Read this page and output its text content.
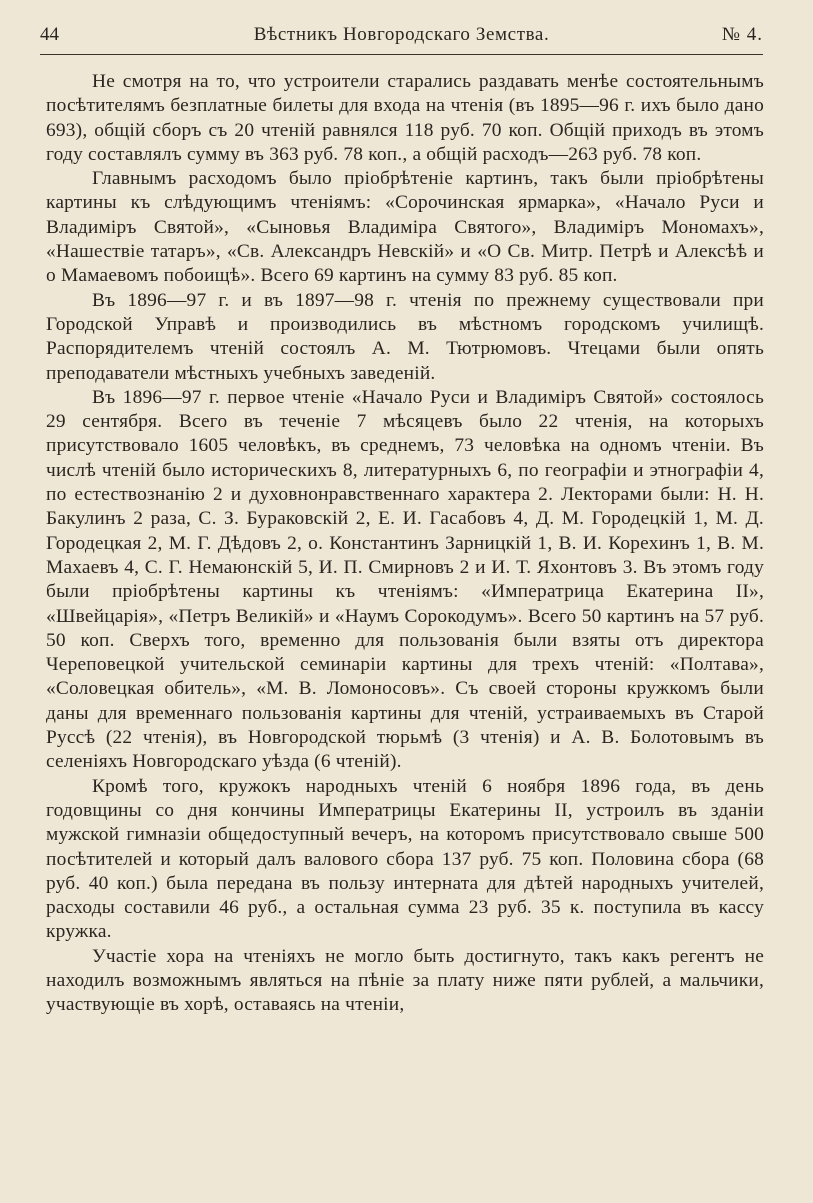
44	Вѣстникъ Новгородскаго Земства.	№ 4.

Не смотря на то, что устроители старались раздавать менѣе состоятельнымъ посѣтителямъ безплатные билеты для входа на чтенія (въ 1895—96 г. ихъ было дано 693), общій сборъ съ 20 чтеній равнялся 118 руб. 70 коп. Общій приходъ въ этомъ году составлялъ сумму въ 363 руб. 78 коп., а общій расходъ—263 руб. 78 коп.

Главнымъ расходомъ было пріобрѣтеніе картинъ, такъ были пріобрѣтены картины къ слѣдующимъ чтеніямъ: «Сорочинская ярмарка», «Начало Руси и Владиміръ Святой», «Сыновья Владиміра Святого», Владиміръ Мономахъ», «Нашествіе татаръ», «Св. Александръ Невскій» и «О Св. Митр. Петрѣ и Алексѣѣ и о Мамаевомъ побоищѣ». Всего 69 картинъ на сумму 83 руб. 85 коп.

Въ 1896—97 г. и въ 1897—98 г. чтенія по прежнему существовали при Городской Управѣ и производились въ мѣстномъ городскомъ училищѣ. Распорядителемъ чтеній состоялъ А. М. Тютрюмовъ. Чтецами были опять преподаватели мѣстныхъ учебныхъ заведеній.

Въ 1896—97 г. первое чтеніе «Начало Руси и Владиміръ Святой» состоялось 29 сентября. Всего въ теченіе 7 мѣсяцевъ было 22 чтенія, на которыхъ присутствовало 1605 человѣкъ, въ среднемъ, 73 человѣка на одномъ чтеніи. Въ числѣ чтеній было историческихъ 8, литературныхъ 6, по географіи и этнографіи 4, по естествознанію 2 и духовнонравственнаго характера 2. Лекторами были: Н. Н. Бакулинъ 2 раза, С. З. Бураковскій 2, Е. И. Гасабовъ 4, Д. М. Городецкій 1, М. Д. Городецкая 2, М. Г. Дѣдовъ 2, о. Константинъ Зарницкій 1, В. И. Корехинъ 1, В. М. Махаевъ 4, С. Г. Немаюнскій 5, И. П. Смирновъ 2 и И. Т. Яхонтовъ 3. Въ этомъ году были пріобрѣтены картины къ чтеніямъ: «Императрица Екатерина II», «Швейцарія», «Петръ Великій» и «Наумъ Сорокодумъ». Всего 50 картинъ на 57 руб. 50 коп. Сверхъ того, временно для пользованія были взяты отъ директора Череповецкой учительской семинаріи картины для трехъ чтеній: «Полтава», «Соловецкая обитель», «М. В. Ломоносовъ». Съ своей стороны кружкомъ были даны для временнаго пользованія картины для чтеній, устраиваемыхъ въ Старой Руссѣ (22 чтенія), въ Новгородской тюрьмѣ (3 чтенія) и А. В. Болотовымъ въ селеніяхъ Новгородскаго уѣзда (6 чтеній).

Кромѣ того, кружокъ народныхъ чтеній 6 ноября 1896 года, въ день годовщины со дня кончины Императрицы Екатерины II, устроилъ въ зданіи мужской гимназіи общедоступный вечеръ, на которомъ присутствовало свыше 500 посѣтителей и который далъ валового сбора 137 руб. 75 коп. Половина сбора (68 руб. 40 коп.) была передана въ пользу интерната для дѣтей народныхъ учителей, расходы составили 46 руб., а остальная сумма 23 руб. 35 к. поступила въ кассу кружка.

Участіе хора на чтеніяхъ не могло быть достигнуто, такъ какъ регентъ не находилъ возможнымъ являться на пѣніе за плату ниже пяти рублей, а мальчики, участвующіе въ хорѣ, оставаясь на чтеніи,
